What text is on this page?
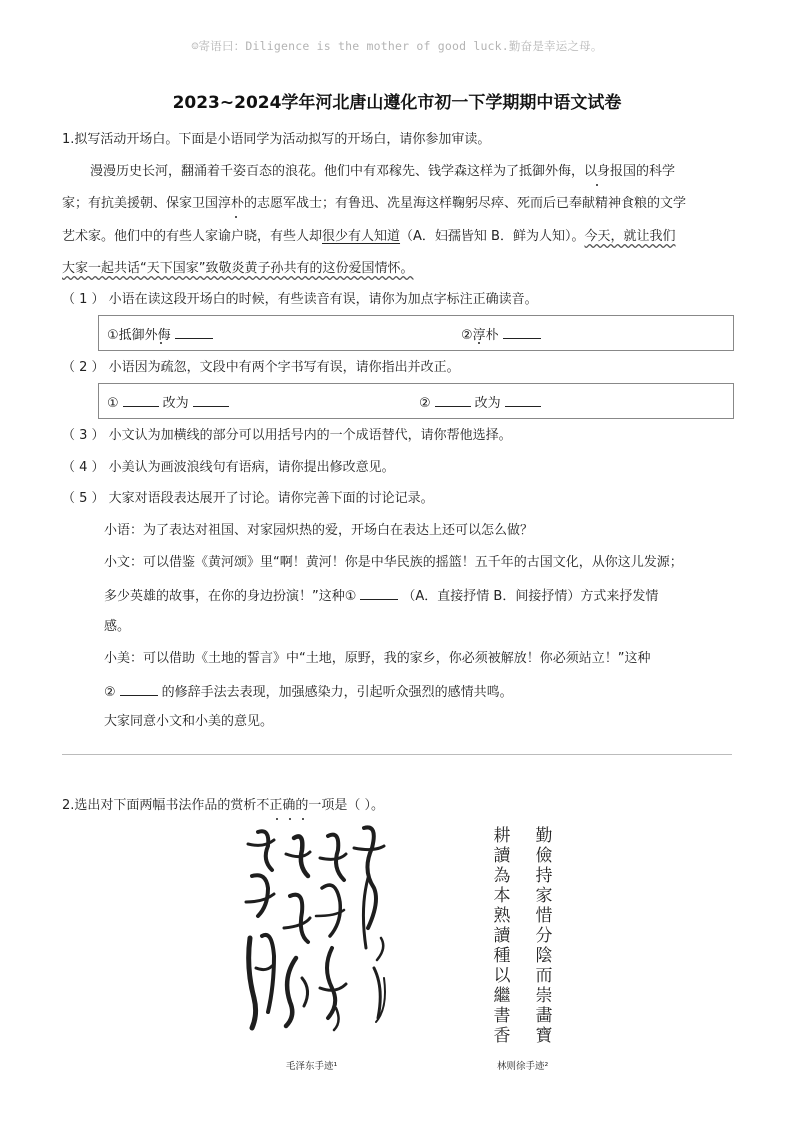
☺寄语曰：Diligence is the mother of good luck.勤奋是幸运之母。
2023~2024学年河北唐山遵化市初一下学期期中语文试卷
1.拟写活动开场白。下面是小语同学为活动拟写的开场白，请你参加审读。
漫漫历史长河，翻涌着千姿百态的浪花。他们中有邓稼先、钱学森这样为了抵御外侮，以身报国的科学
家；有抗美援朝、保家卫国淳朴的志愿军战士；有鲁迅、冼星海这样鞠躬尽瘁、死而后已奉献精神食粮的文学
艺术家。他们中的有些人家谕户晓，有些人却很少有人知道（A．妇孺皆知 B．鲜为人知）。今天，就让我们
大家一起共话“天下国家”致敬炎黄子孙共有的这份爱国情怀。
（ 1 ） 小语在读这段开场白的时候，有些读音有误，请你为加点字标注正确读音。
①抵御外侮	②淳朴
（ 2 ） 小语因为疏忽，文段中有两个字书写有误，请你指出并改正。
①	改为	②	改为
（ 3 ） 小文认为加横线的部分可以用括号内的一个成语替代，请你帮他选择。
（ 4 ） 小美认为画波浪线句有语病，请你提出修改意见。
（ 5 ） 大家对语段表达展开了讨论。请你完善下面的讨论记录。
小语：为了表达对祖国、对家园炽热的爱，开场白在表达上还可以怎么做？
小文：可以借鉴《黄河颂》里“啊！黄河！你是中华民族的摇篮！五千年的古国文化，从你这儿发源；
多少英雄的故事，在你的身边扮演！”这种①	（A．直接抒情 B．间接抒情）方式来抒发情
感。
小美：可以借助《土地的誓言》中“土地，原野，我的家乡，你必须被解放！你必须站立！”这种
②	的修辞手法去表现，加强感染力，引起听众强烈的感情共鸣。
大家同意小文和小美的意见。
2.选出对下面两幅书法作品的赏析不正确的一项是（ ）。
勤儉持家惜分陰而崇畵寶
耕讀為本熟讀種以繼書香
勤
毛泽东手迹¹	林则徐手迹²
